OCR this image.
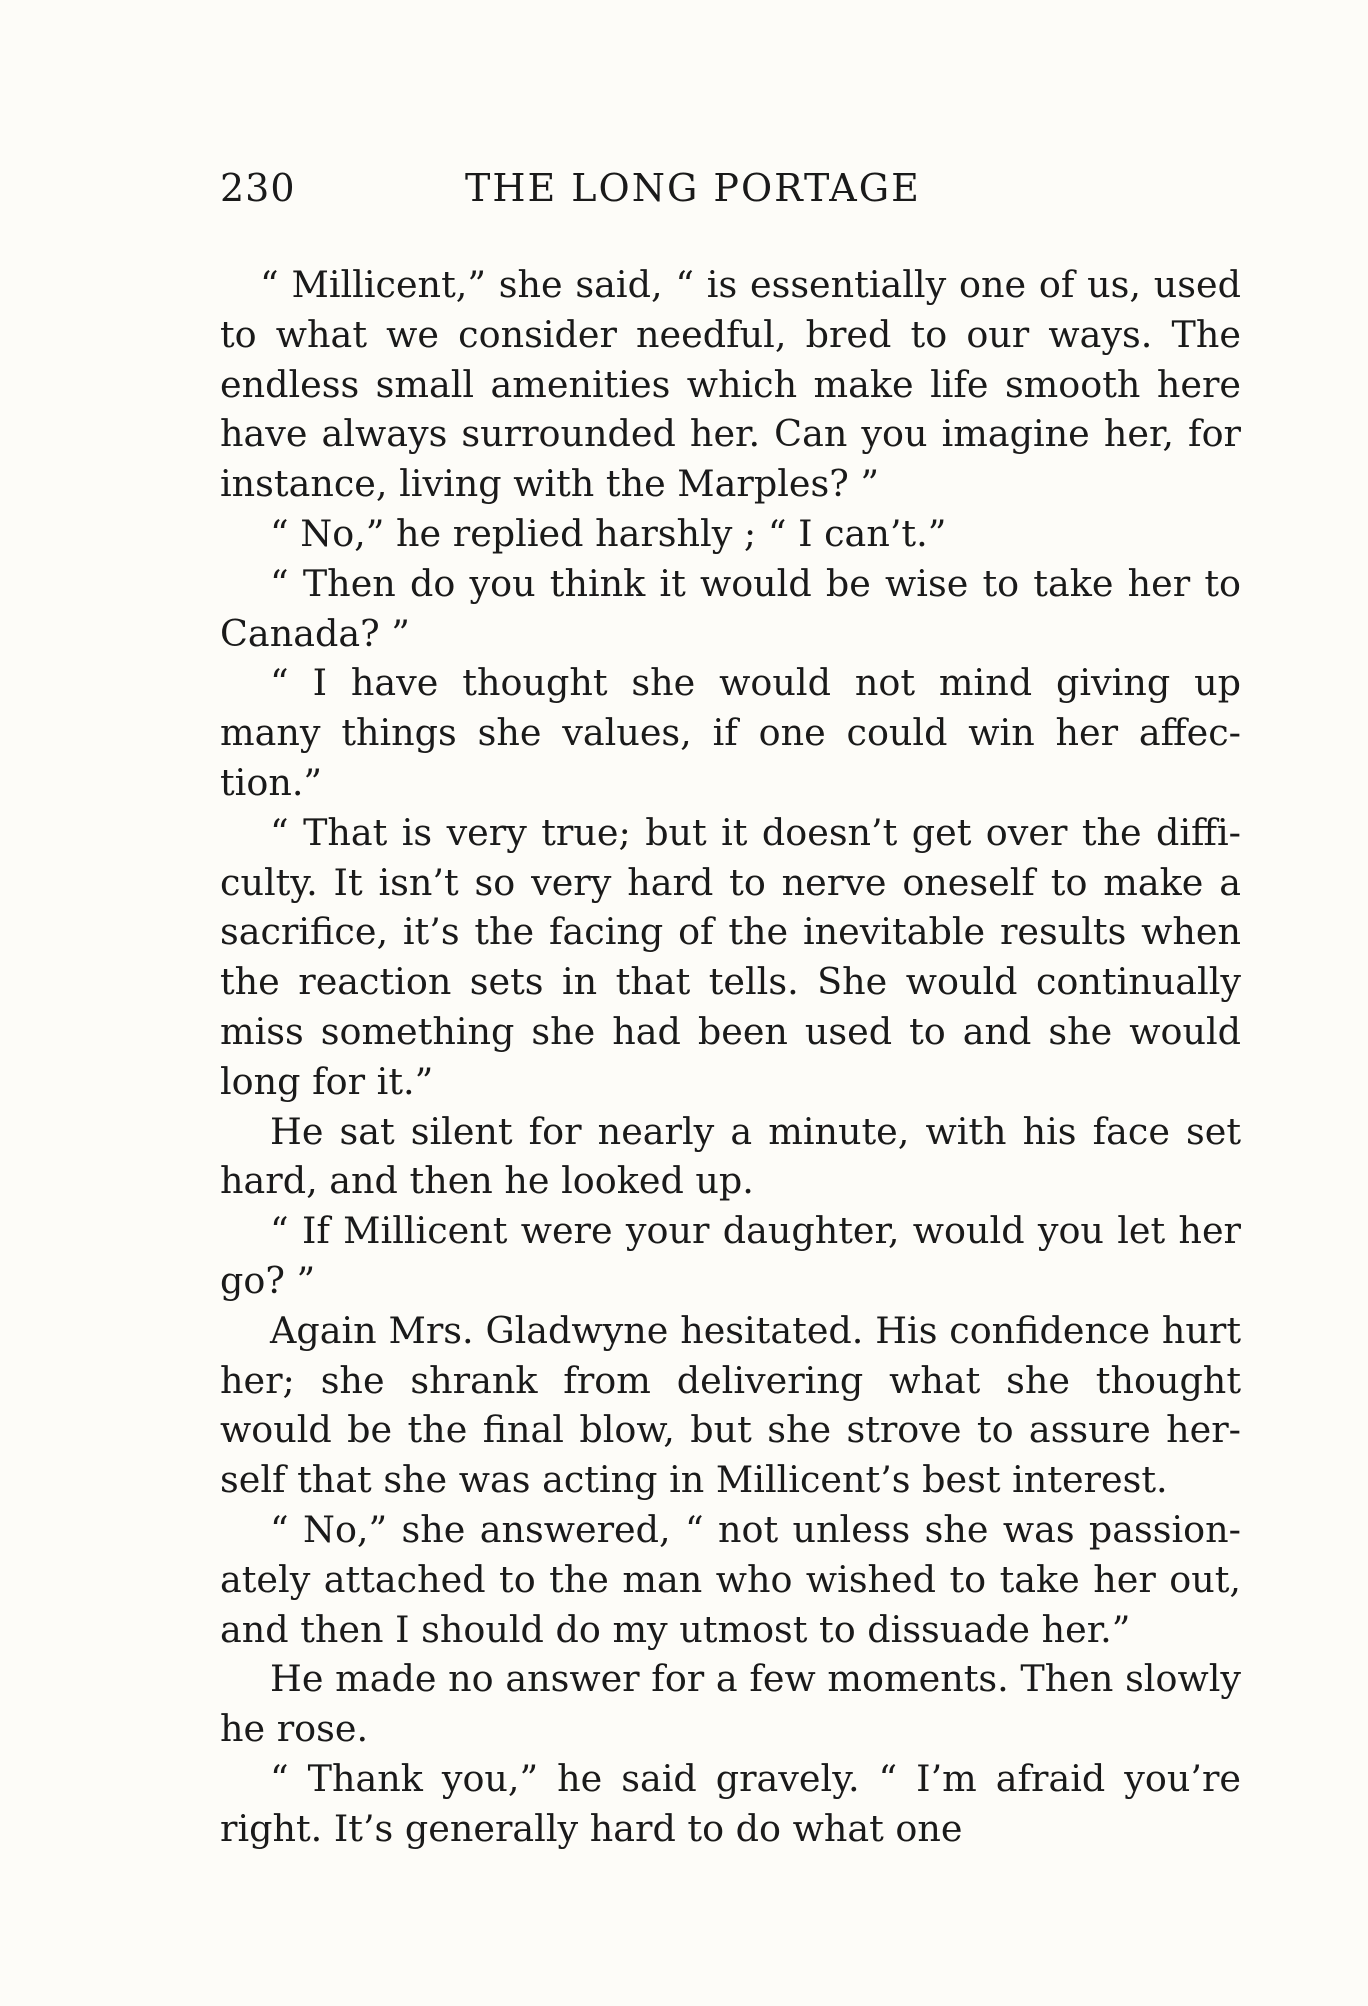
230	THE LONG PORTAGE

“ Millicent,” she said, “ is essentially one of us, used to what we consider needful, bred to our ways. The endless small amenities which make life smooth here have always surrounded her. Can you imagine her, for instance, living with the Marples? ”

“ No,” he replied harshly ; “ I can’t.”

“ Then do you think it would be wise to take her to Canada? ”

“ I have thought she would not mind giving up many things she values, if one could win her affec-tion.”

“ That is very true; but it doesn’t get over the diffi-culty. It isn’t so very hard to nerve oneself to make a sacrifice, it’s the facing of the inevitable results when the reaction sets in that tells. She would continually miss something she had been used to and she would long for it.”

He sat silent for nearly a minute, with his face set hard, and then he looked up.

“ If Millicent were your daughter, would you let her go? ”

Again Mrs. Gladwyne hesitated. His confidence hurt her; she shrank from delivering what she thought would be the final blow, but she strove to assure her-self that she was acting in Millicent’s best interest.

“ No,” she answered, “ not unless she was passion-ately attached to the man who wished to take her out, and then I should do my utmost to dissuade her.”

He made no answer for a few moments. Then slowly he rose.

“ Thank you,” he said gravely. “ I’m afraid you’re right. It’s generally hard to do what one
